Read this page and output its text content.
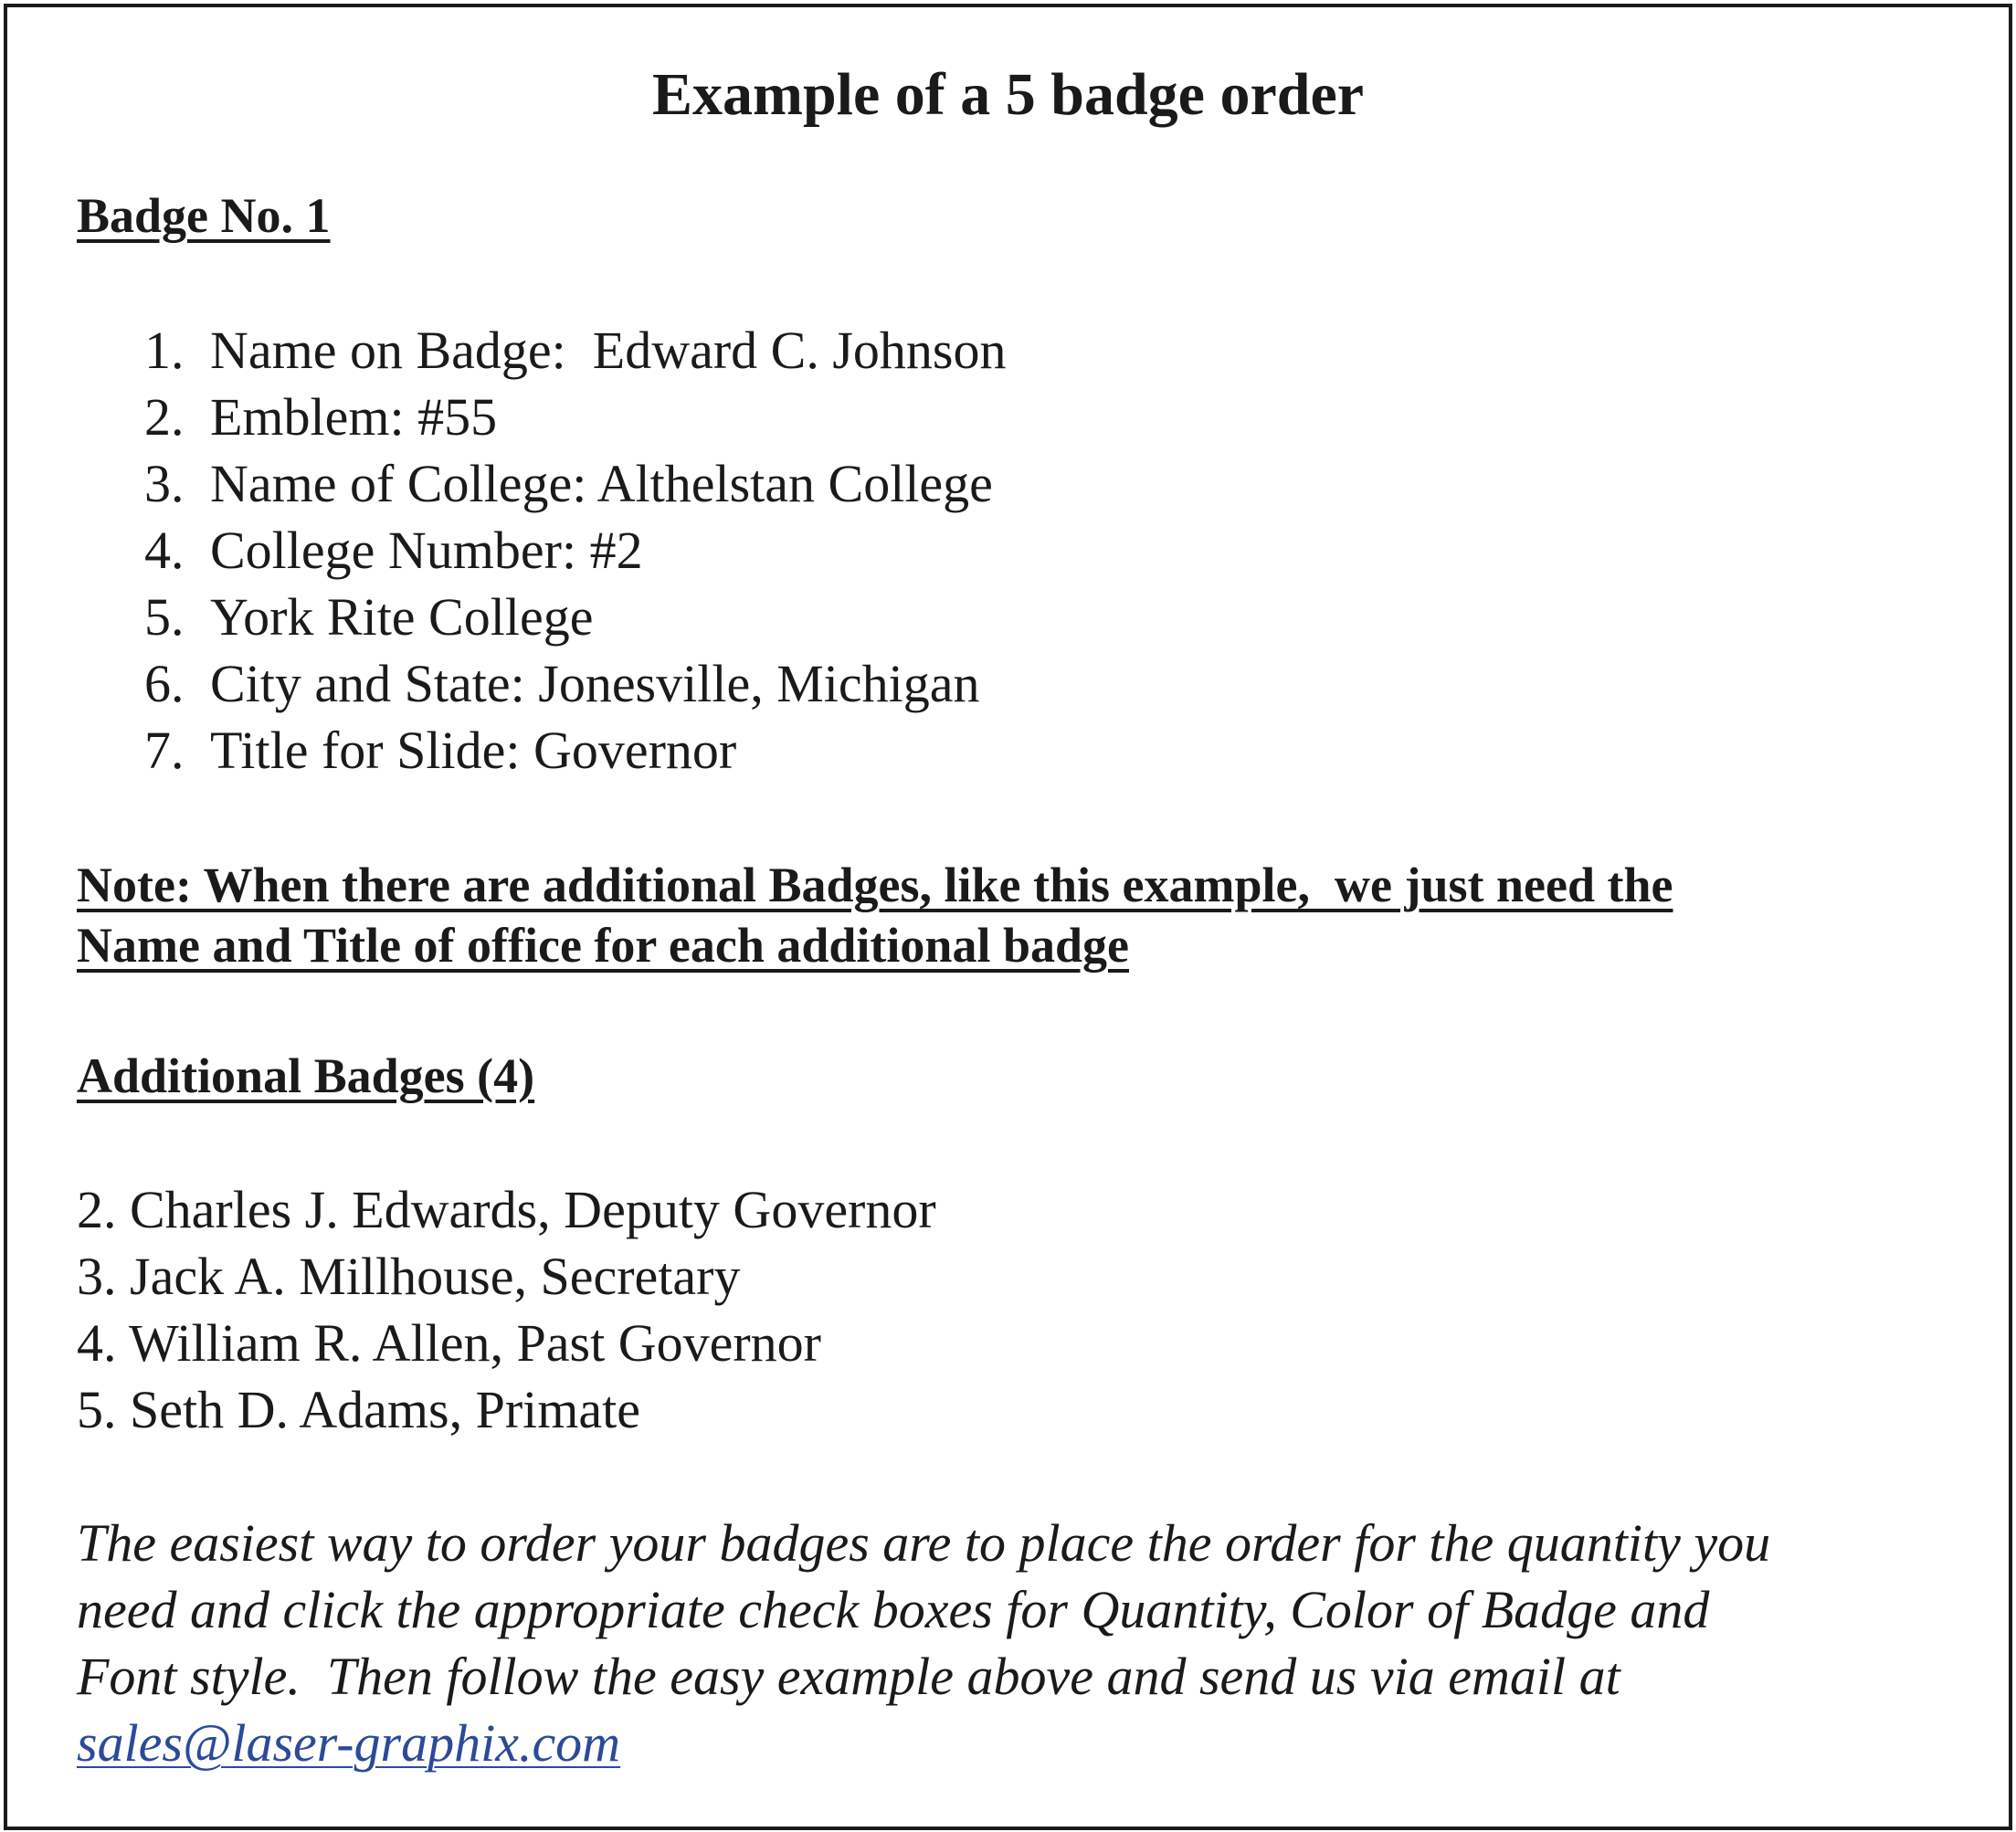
Example of a 5 badge order
Badge No. 1
1. Name on Badge:  Edward C. Johnson
2. Emblem: #55
3. Name of College: Althelstan College
4. College Number: #2
5. York Rite College
6. City and State: Jonesville, Michigan
7. Title for Slide: Governor
Note: When there are additional Badges, like this example,  we just need the
Name and Title of office for each additional badge
Additional Badges (4)
2. Charles J. Edwards, Deputy Governor
3. Jack A. Millhouse, Secretary
4. William R. Allen, Past Governor
5. Seth D. Adams, Primate
The easiest way to order your badges are to place the order for the quantity you
need and click the appropriate check boxes for Quantity, Color of Badge and
Font style.  Then follow the easy example above and send us via email at
sales@laser-graphix.com
